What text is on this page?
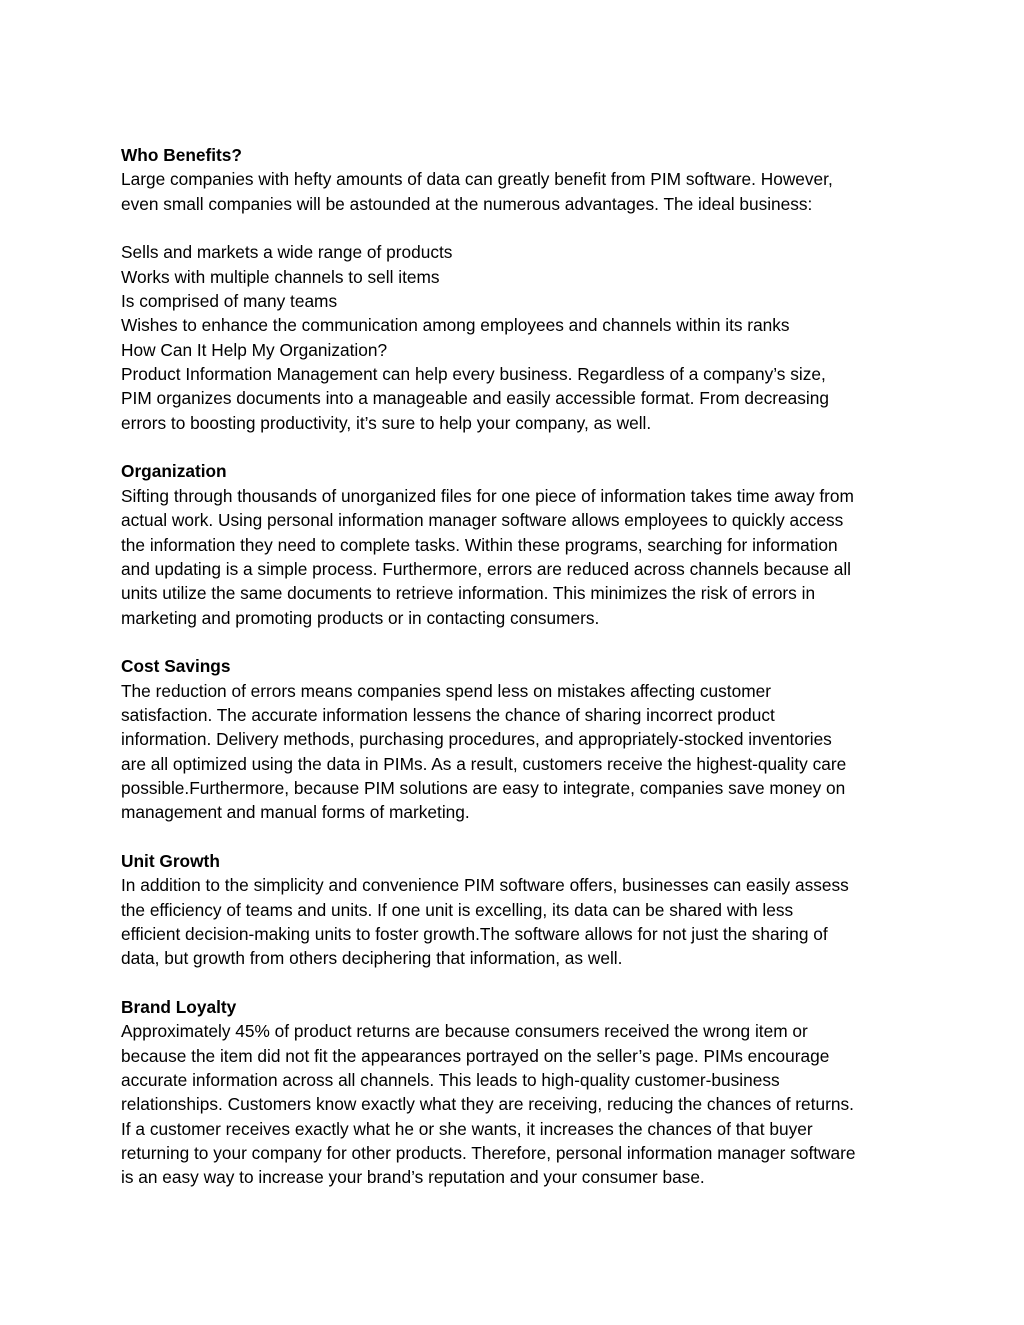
Who Benefits?

Large companies with hefty amounts of data can greatly benefit from PIM software. However,
even small companies will be astounded at the numerous advantages. The ideal business:

Sells and markets a wide range of products
Works with multiple channels to sell items
Is comprised of many teams
Wishes to enhance the communication among employees and channels within its ranks
How Can It Help My Organization?

Product Information Management can help every business. Regardless of a company’s size,
PIM organizes documents into a manageable and easily accessible format. From decreasing
errors to boosting productivity, it’s sure to help your company, as well.

Organization

Sifting through thousands of unorganized files for one piece of information takes time away from
actual work. Using personal information manager software allows employees to quickly access
the information they need to complete tasks. Within these programs, searching for information
and updating is a simple process. Furthermore, errors are reduced across channels because all
units utilize the same documents to retrieve information. This minimizes the risk of errors in
marketing and promoting products or in contacting consumers.

Cost Savings

The reduction of errors means companies spend less on mistakes affecting customer
satisfaction. The accurate information lessens the chance of sharing incorrect product
information. Delivery methods, purchasing procedures, and appropriately-stocked inventories
are all optimized using the data in PIMs. As a result, customers receive the highest-quality care
possible.Furthermore, because PIM solutions are easy to integrate, companies save money on
management and manual forms of marketing.

Unit Growth

In addition to the simplicity and convenience PIM software offers, businesses can easily assess
the efficiency of teams and units. If one unit is excelling, its data can be shared with less
efficient decision-making units to foster growth.The software allows for not just the sharing of
data, but growth from others deciphering that information, as well.

Brand Loyalty

Approximately 45% of product returns are because consumers received the wrong item or
because the item did not fit the appearances portrayed on the seller’s page. PIMs encourage
accurate information across all channels. This leads to high-quality customer-business
relationships. Customers know exactly what they are receiving, reducing the chances of returns.
If a customer receives exactly what he or she wants, it increases the chances of that buyer
returning to your company for other products. Therefore, personal information manager software
is an easy way to increase your brand’s reputation and your consumer base.
